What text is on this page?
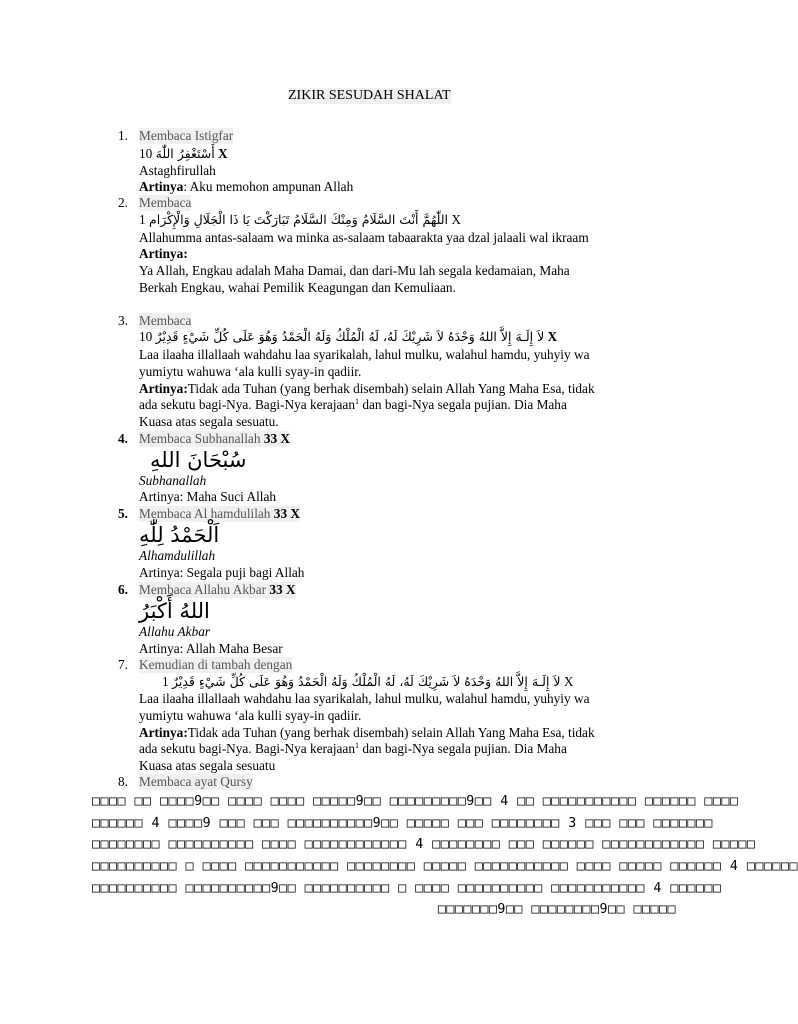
ZIKIR SESUDAH SHALAT
1. Membaca Istigfar
10 أَسْتَغْفِرُ اللّٰهَ X
Astaghfirullah
Artinya: Aku memohon ampunan Allah
2. Membaca
1 اللّٰهُمَّ أَنْتَ السَّلَامُ وَمِنْكَ السَّلَامُ تَبَارَكْتَ يَا ذَا الْجَلَالِ وَالْإِكْرَام X
Allahumma antas-salaam wa minka as-salaam tabaarakta yaa dzal jalaali wal ikraam
Artinya:
Ya Allah, Engkau adalah Maha Damai, dan dari-Mu lah segala kedamaian, Maha
Berkah Engkau, wahai Pemilik Keagungan dan Kemuliaan.
3. Membaca
10 لاَ إِلَـهَ إِلاَّ اللهُ وَحْدَهُ لاَ شَرِيْكَ لَهُ، لَهُ الْمُلْكُ وَلَهُ الْحَمْدُ وَهُوَ عَلَى كُلِّ شَيْءٍ قَدِيْرٌ X
Laa ilaaha illallaah wahdahu laa syarikalah, lahul mulku, walahul hamdu, yuhyiy wa
yumiytu wahuwa ‘ala kulli syay-in qadiir.
Artinya:Tidak ada Tuhan (yang berhak disembah) selain Allah Yang Maha Esa, tidak
ada sekutu bagi-Nya. Bagi-Nya kerajaan$^1$ dan bagi-Nya segala pujian. Dia Maha
Kuasa atas segala sesuatu.
4. Membaca Subhanallah 33 X
سُبْحَانَ اللهِ
Subhanallah
Artinya: Maha Suci Allah
5. Membaca Al hamdulilah 33 X
اَلْحَمْدُ لِلّٰهِ
Alhamdulillah
Artinya: Segala puji bagi Allah
6. Membaca Allahu Akbar 33 X
اللهُ أَكْبَرُ
Allahu Akbar
Artinya: Allah Maha Besar
7. Kemudian di tambah dengan
1 لاَ إِلَـهَ إِلاَّ اللهُ وَحْدَهُ لاَ شَرِيْكَ لَهُ، لَهُ الْمُلْكُ وَلَهُ الْحَمْدُ وَهُوَ عَلَى كُلِّ شَيْءٍ قَدِيْرٌ X
Laa ilaaha illallaah wahdahu laa syarikalah, lahul mulku, walahul hamdu, yuhyiy wa
yumiytu wahuwa ‘ala kulli syay-in qadiir.
Artinya:Tidak ada Tuhan (yang berhak disembah) selain Allah Yang Maha Esa, tidak
ada sekutu bagi-Nya. Bagi-Nya kerajaan$^1$ dan bagi-Nya segala pujian. Dia Maha
Kuasa atas segala sesuatu
8. Membaca ayat Qursy
□□□□ □□ □□□□9□□ □□□□ □□□□ □□□□□9□□ □□□□□□□□□9□□ 4 □□ □□□□□□□□□□□ □□□□□□ □□□□
□□□□□□ 4 □□□□9 □□□ □□□ □□□□□□□□□□9□□ □□□□□ □□□ □□□□□□□□ 3 □□□ □□□ □□□□□□□
□□□□□□□□ □□□□□□□□□□ □□□□ □□□□□□□□□□□□ 4 □□□□□□□□ □□□ □□□□□□ □□□□□□□□□□□□ □□□□□
□□□□□□□□□□ □ □□□□ □□□□□□□□□□□ □□□□□□□□ □□□□□ □□□□□□□□□□□ □□□□ □□□□□ □□□□□□ 4 □□□□□□
□□□□□□□□□□ □□□□□□□□□□9□□ □□□□□□□□□□ □ □□□□ □□□□□□□□□□ □□□□□□□□□□□ 4 □□□□□□
□□□□□□□9□□ □□□□□□□□9□□ □□□□□
